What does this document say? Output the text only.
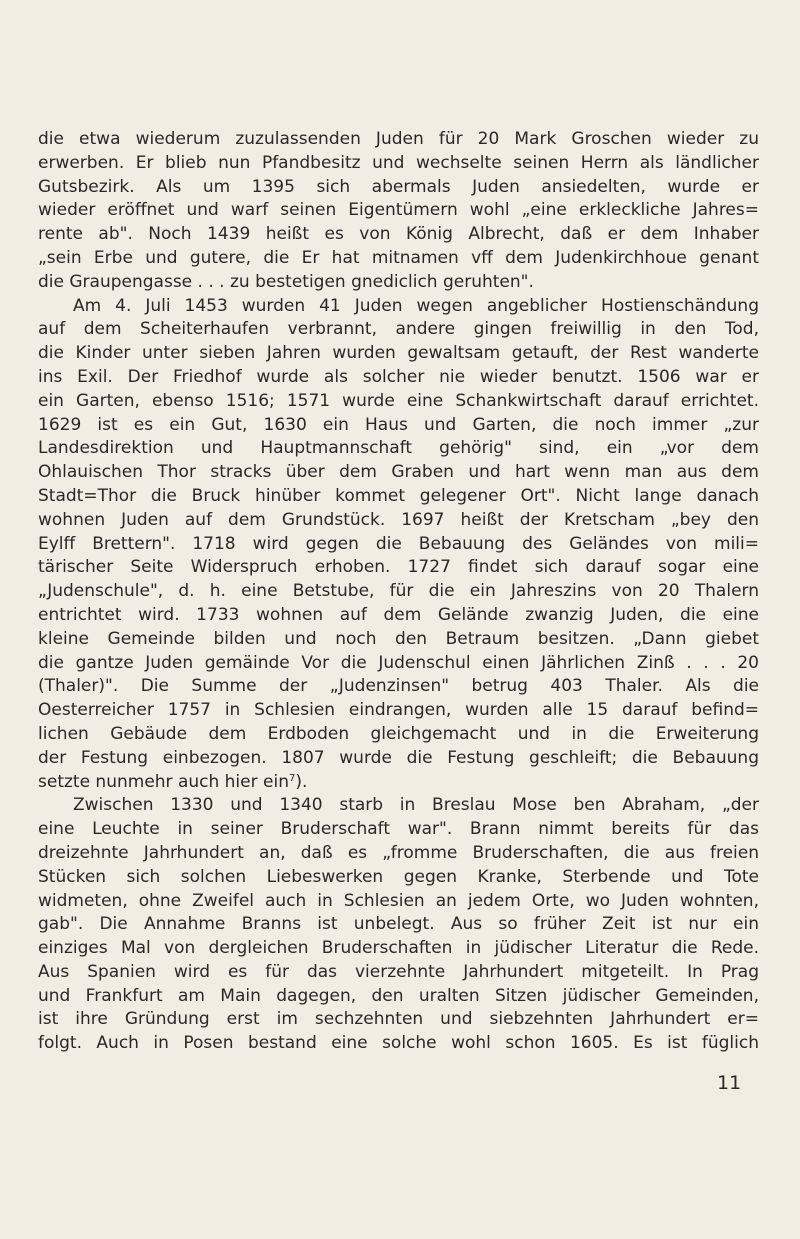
die etwa wiederum zuzulassenden Juden für 20 Mark Groschen wieder zu
erwerben. Er blieb nun Pfandbesitz und wechselte seinen Herrn als ländlicher
Gutsbezirk. Als um 1395 sich abermals Juden ansiedelten, wurde er
wieder eröffnet und warf seinen Eigentümern wohl „eine erkleckliche Jahres=
rente ab". Noch 1439 heißt es von König Albrecht, daß er dem Inhaber
„sein Erbe und gutere, die Er hat mitnamen vff dem Judenkirchhoue genant
die Graupengasse . . . zu bestetigen gnediclich geruhten".
Am 4. Juli 1453 wurden 41 Juden wegen angeblicher Hostienschändung
auf dem Scheiterhaufen verbrannt, andere gingen freiwillig in den Tod,
die Kinder unter sieben Jahren wurden gewaltsam getauft, der Rest wanderte
ins Exil. Der Friedhof wurde als solcher nie wieder benutzt. 1506 war er
ein Garten, ebenso 1516; 1571 wurde eine Schankwirtschaft darauf errichtet.
1629 ist es ein Gut, 1630 ein Haus und Garten, die noch immer „zur
Landesdirektion und Hauptmannschaft gehörig" sind, ein „vor dem
Ohlauischen Thor stracks über dem Graben und hart wenn man aus dem
Stadt=Thor die Bruck hinüber kommet gelegener Ort". Nicht lange danach
wohnen Juden auf dem Grundstück. 1697 heißt der Kretscham „bey den
Eylff Brettern". 1718 wird gegen die Bebauung des Geländes von mili=
tärischer Seite Widerspruch erhoben. 1727 findet sich darauf sogar eine
„Judenschule", d. h. eine Betstube, für die ein Jahreszins von 20 Thalern
entrichtet wird. 1733 wohnen auf dem Gelände zwanzig Juden, die eine
kleine Gemeinde bilden und noch den Betraum besitzen. „Dann giebet
die gantze Juden gemäinde Vor die Judenschul einen Jährlichen Zinß . . . 20
(Thaler)". Die Summe der „Judenzinsen" betrug 403 Thaler. Als die
Oesterreicher 1757 in Schlesien eindrangen, wurden alle 15 darauf befind=
lichen Gebäude dem Erdboden gleichgemacht und in die Erweiterung
der Festung einbezogen. 1807 wurde die Festung geschleift; die Bebauung
setzte nunmehr auch hier ein$^7$).
Zwischen 1330 und 1340 starb in Breslau Mose ben Abraham, „der
eine Leuchte in seiner Bruderschaft war". Brann nimmt bereits für das
dreizehnte Jahrhundert an, daß es „fromme Bruderschaften, die aus freien
Stücken sich solchen Liebeswerken gegen Kranke, Sterbende und Tote
widmeten, ohne Zweifel auch in Schlesien an jedem Orte, wo Juden wohnten,
gab". Die Annahme Branns ist unbelegt. Aus so früher Zeit ist nur ein
einziges Mal von dergleichen Bruderschaften in jüdischer Literatur die Rede.
Aus Spanien wird es für das vierzehnte Jahrhundert mitgeteilt. In Prag
und Frankfurt am Main dagegen, den uralten Sitzen jüdischer Gemeinden,
ist ihre Gründung erst im sechzehnten und siebzehnten Jahrhundert er=
folgt. Auch in Posen bestand eine solche wohl schon 1605. Es ist füglich
11
